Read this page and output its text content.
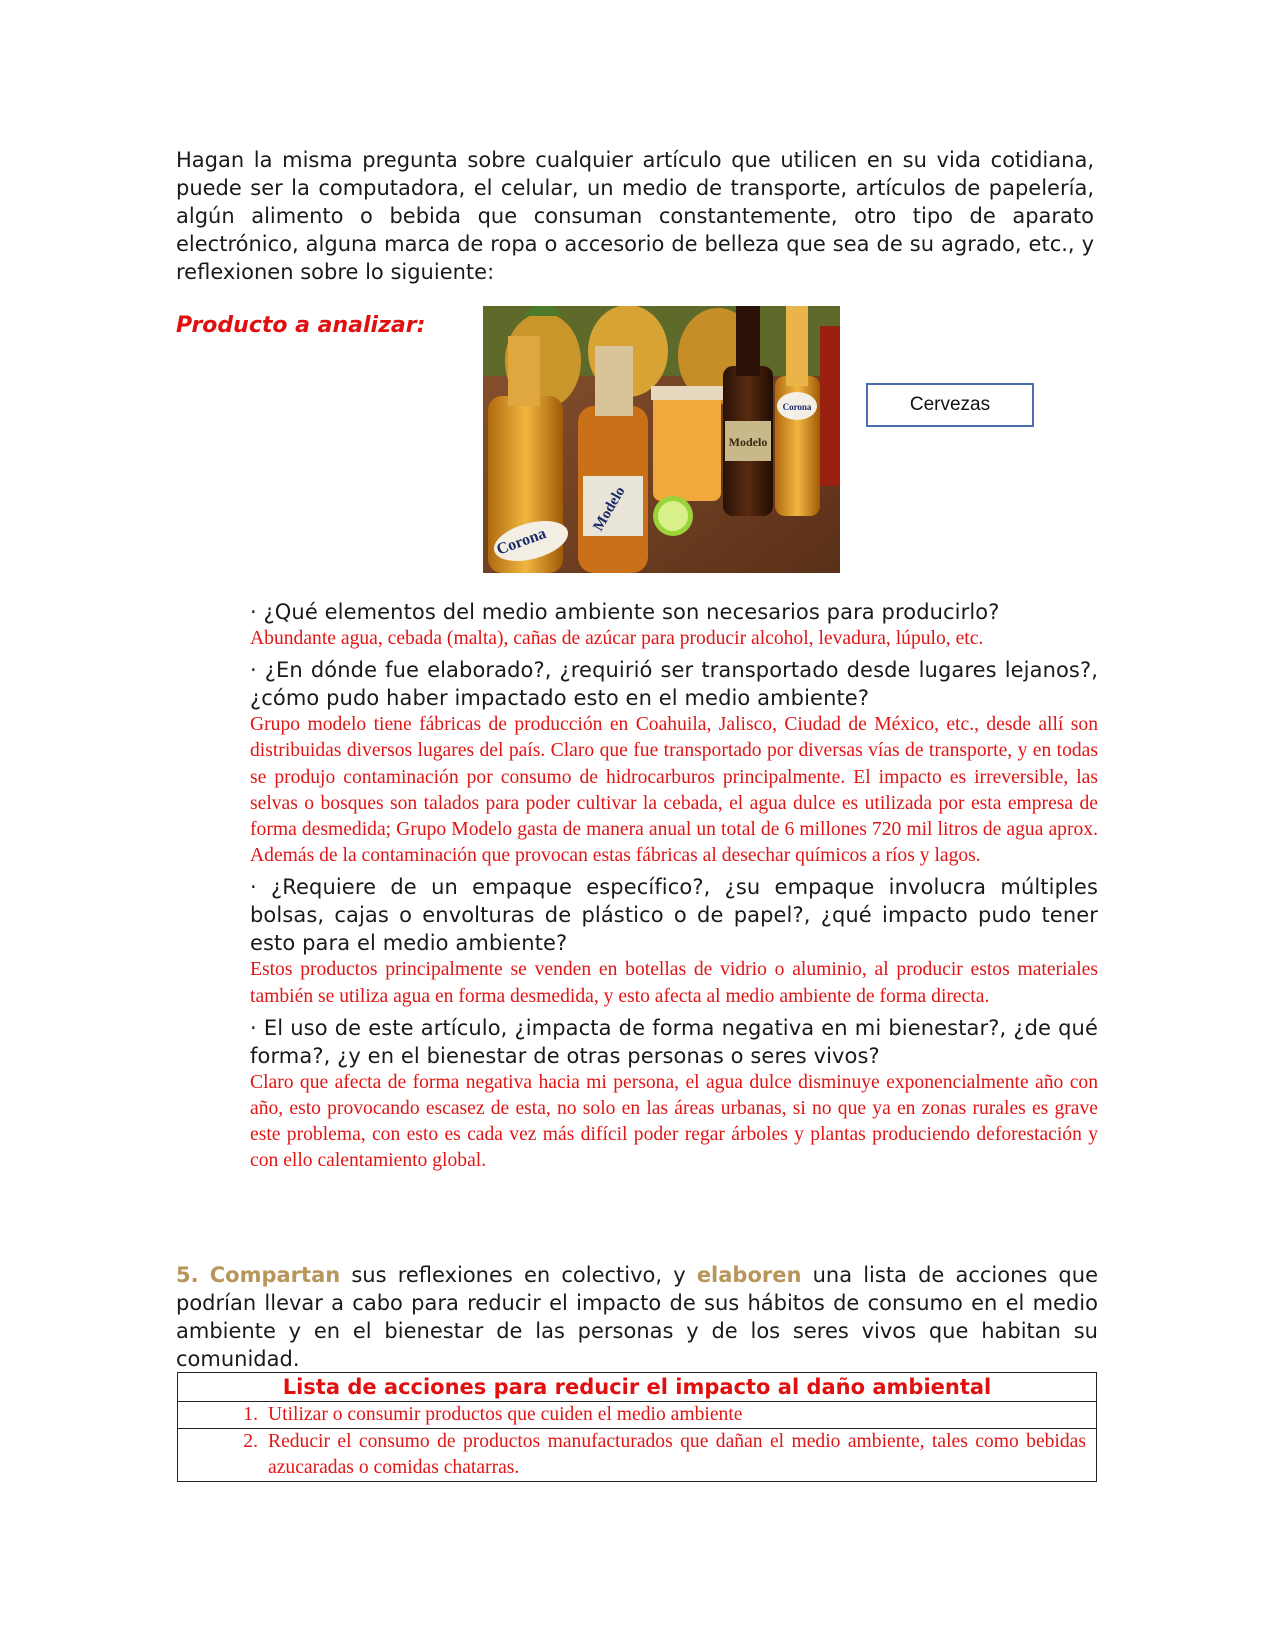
Hagan la misma pregunta sobre cualquier artículo que utilicen en su vida cotidiana, puede ser la computadora, el celular, un medio de transporte, artículos de papelería, algún alimento o bebida que consuman constantemente, otro tipo de aparato electrónico, alguna marca de ropa o accesorio de belleza que sea de su agrado, etc., y reflexionen sobre lo siguiente:

Producto a analizar:
Corona
Modelo
Modelo
Corona	Cervezas

· ¿Qué elementos del medio ambiente son necesarios para producirlo?

Abundante agua, cebada (malta), cañas de azúcar para producir alcohol, levadura, lúpulo, etc.

· ¿En dónde fue elaborado?, ¿requirió ser transportado desde lugares lejanos?, ¿cómo pudo haber impactado esto en el medio ambiente?

Grupo modelo tiene fábricas de producción en Coahuila, Jalisco, Ciudad de México, etc., desde allí son distribuidas diversos lugares del país. Claro que fue transportado por diversas vías de transporte, y en todas se produjo contaminación por consumo de hidrocarburos principalmente. El impacto es irreversible, las selvas o bosques son talados para poder cultivar la cebada, el agua dulce es utilizada por esta empresa de forma desmedida; Grupo Modelo gasta de manera anual un total de 6 millones 720 mil litros de agua aprox. Además de la contaminación que provocan estas fábricas al desechar químicos a ríos y lagos.

· ¿Requiere de un empaque específico?, ¿su empaque involucra múltiples bolsas, cajas o envolturas de plástico o de papel?, ¿qué impacto pudo tener esto para el medio ambiente?

Estos productos principalmente se venden en botellas de vidrio o aluminio, al producir estos materiales también se utiliza agua en forma desmedida, y esto afecta al medio ambiente de forma directa.

· El uso de este artículo, ¿impacta de forma negativa en mi bienestar?, ¿de qué forma?, ¿y en el bienestar de otras personas o seres vivos?

Claro que afecta de forma negativa hacia mi persona, el agua dulce disminuye exponencialmente año con año, esto provocando escasez de esta, no solo en las áreas urbanas, si no que ya en zonas rurales es grave este problema, con esto es cada vez más difícil poder regar árboles y plantas produciendo deforestación y con ello calentamiento global.

5. Compartan sus reflexiones en colectivo, y elaboren una lista de acciones que podrían llevar a cabo para reducir el impacto de sus hábitos de consumo en el medio ambiente y en el bienestar de las personas y de los seres vivos que habitan su comunidad.

Lista de acciones para reducir el impacto al daño ambiental

1. Utilizar o consumir productos que cuiden el medio ambiente

2. Reducir el consumo de productos manufacturados que dañan el medio ambiente, tales como bebidas azucaradas o comidas chatarras.
